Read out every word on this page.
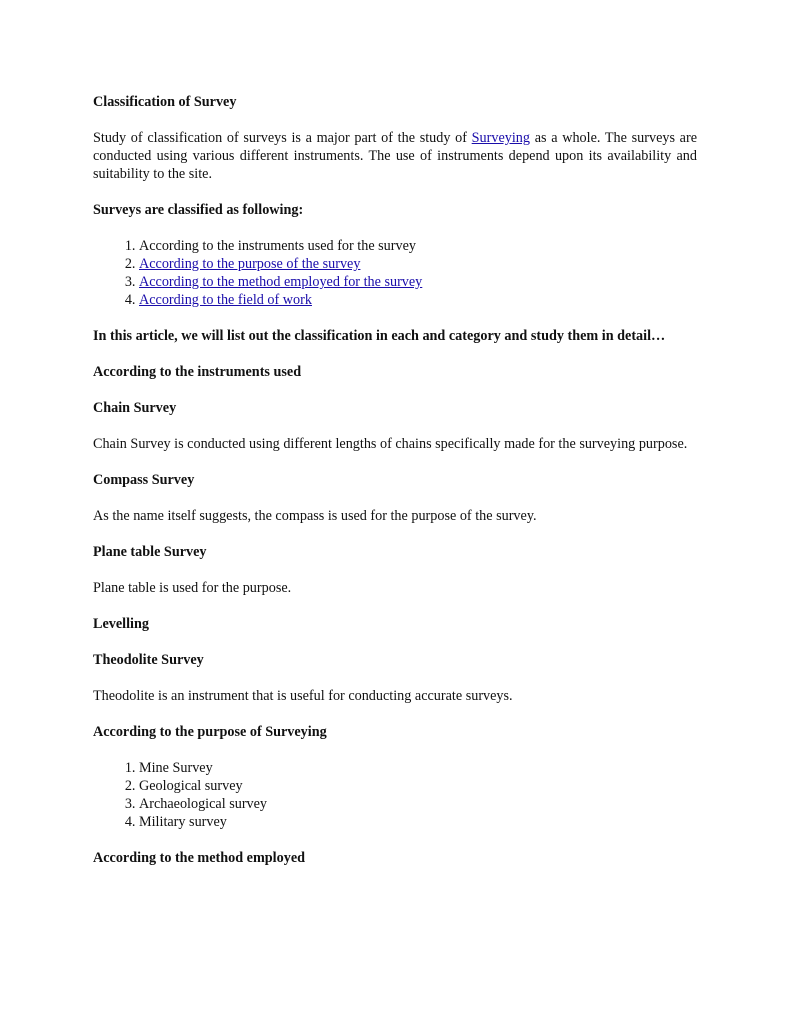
Classification of Survey

Study of classification of surveys is a major part of the study of Surveying as a whole. The surveys are conducted using various different instruments. The use of instruments depend upon its availability and suitability to the site.

Surveys are classified as following:

1. According to the instruments used for the survey
2. According to the purpose of the survey
3. According to the method employed for the survey
4. According to the field of work

In this article, we will list out the classification in each and category and study them in detail…

According to the instruments used

Chain Survey

Chain Survey is conducted using different lengths of chains specifically made for the surveying purpose.

Compass Survey

As the name itself suggests, the compass is used for the purpose of the survey.

Plane table Survey

Plane table is used for the purpose.

Levelling

Theodolite Survey

Theodolite is an instrument that is useful for conducting accurate surveys.

According to the purpose of Surveying

1. Mine Survey
2. Geological survey
3. Archaeological survey
4. Military survey

According to the method employed
